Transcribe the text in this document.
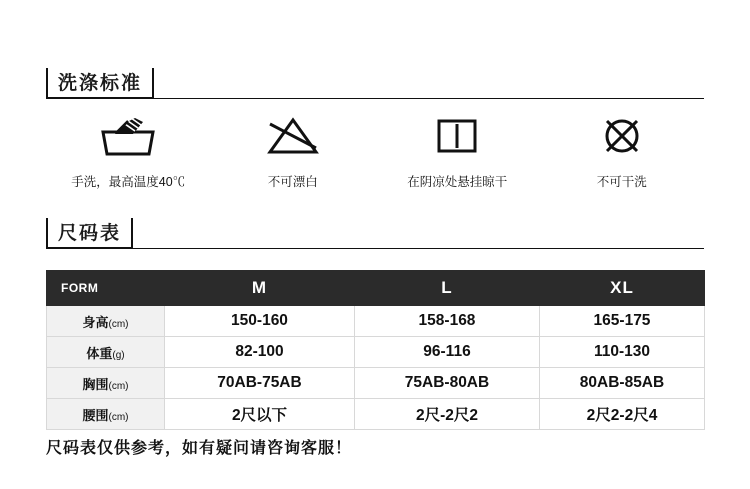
洗涤标准
手洗，最高温度40℃	不可漂白	在阴凉处悬挂晾干	不可干洗
尺码表
FORM	M	L	XL
身高(cm)	150-160	158-168	165-175
体重(g)	82-100	96-116	110-130
胸围(cm)	70AB-75AB	75AB-80AB	80AB-85AB
腰围(cm)	2尺以下	2尺-2尺2	2尺2-2尺4
尺码表仅供参考，如有疑问请咨询客服！
